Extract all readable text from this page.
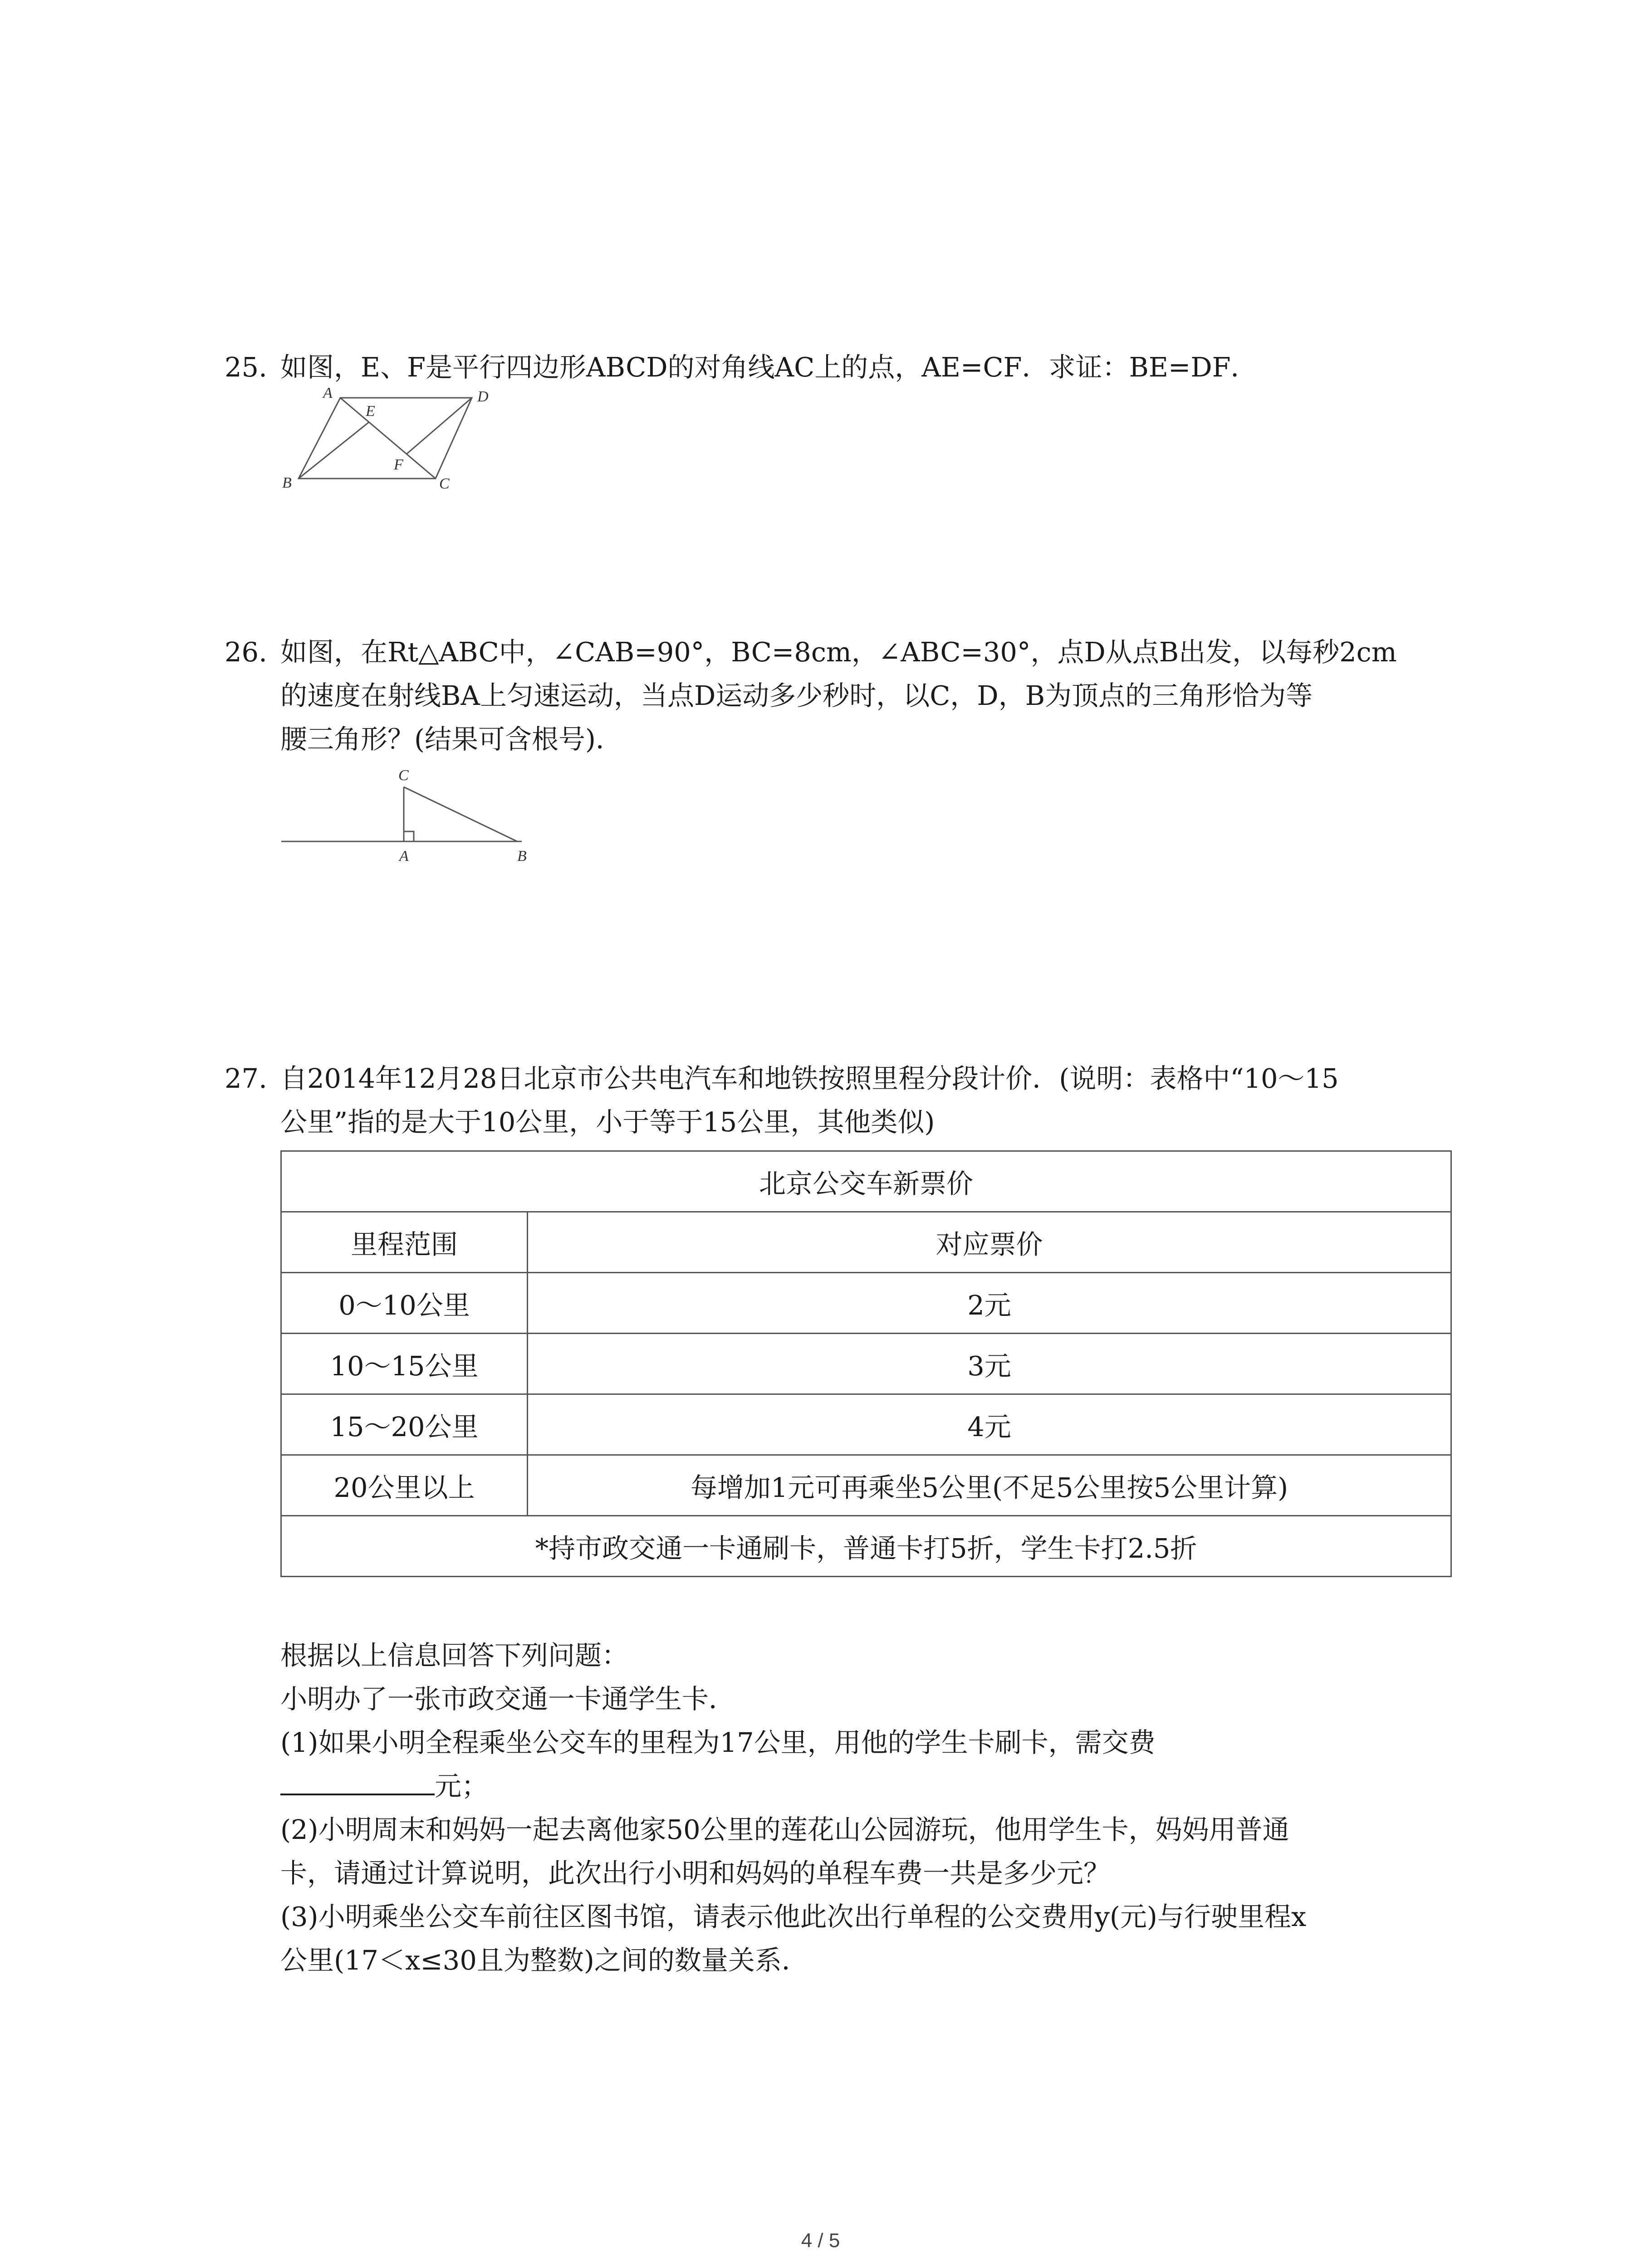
25. 如图，E、F是平行四边形ABCD的对角线AC上的点，AE=CF．求证：BE=DF．
A	D
B	C
E
F
26. 如图，在Rt△ABC中，∠CAB=90°，BC=8cm，∠ABC=30°，点D从点B出发，以每秒2cm
的速度在射线BA上匀速运动，当点D运动多少秒时，以C，D，B为顶点的三角形恰为等
腰三角形？(结果可含根号)．
C
A	B
27. 自2014年12月28日北京市公共电汽车和地铁按照里程分段计价．(说明：表格中“10～15
公里”指的是大于10公里，小于等于15公里，其他类似)
北京公交车新票价	
里程范围	对应票价
0～10公里	2元
10～15公里	3元
15～20公里	4元
20公里以上	每增加1元可再乘坐5公里(不足5公里按5公里计算)
*持市政交通一卡通刷卡，普通卡打5折，学生卡打2.5折	
根据以上信息回答下列问题：
小明办了一张市政交通一卡通学生卡．
(1)如果小明全程乘坐公交车的里程为17公里，用他的学生卡刷卡，需交费
元；
(2)小明周末和妈妈一起去离他家50公里的莲花山公园游玩，他用学生卡，妈妈用普通
卡，请通过计算说明，此次出行小明和妈妈的单程车费一共是多少元？
(3)小明乘坐公交车前往区图书馆，请表示他此次出行单程的公交费用y(元)与行驶里程x
公里(17＜x≤30且为整数)之间的数量关系．
4 / 5
